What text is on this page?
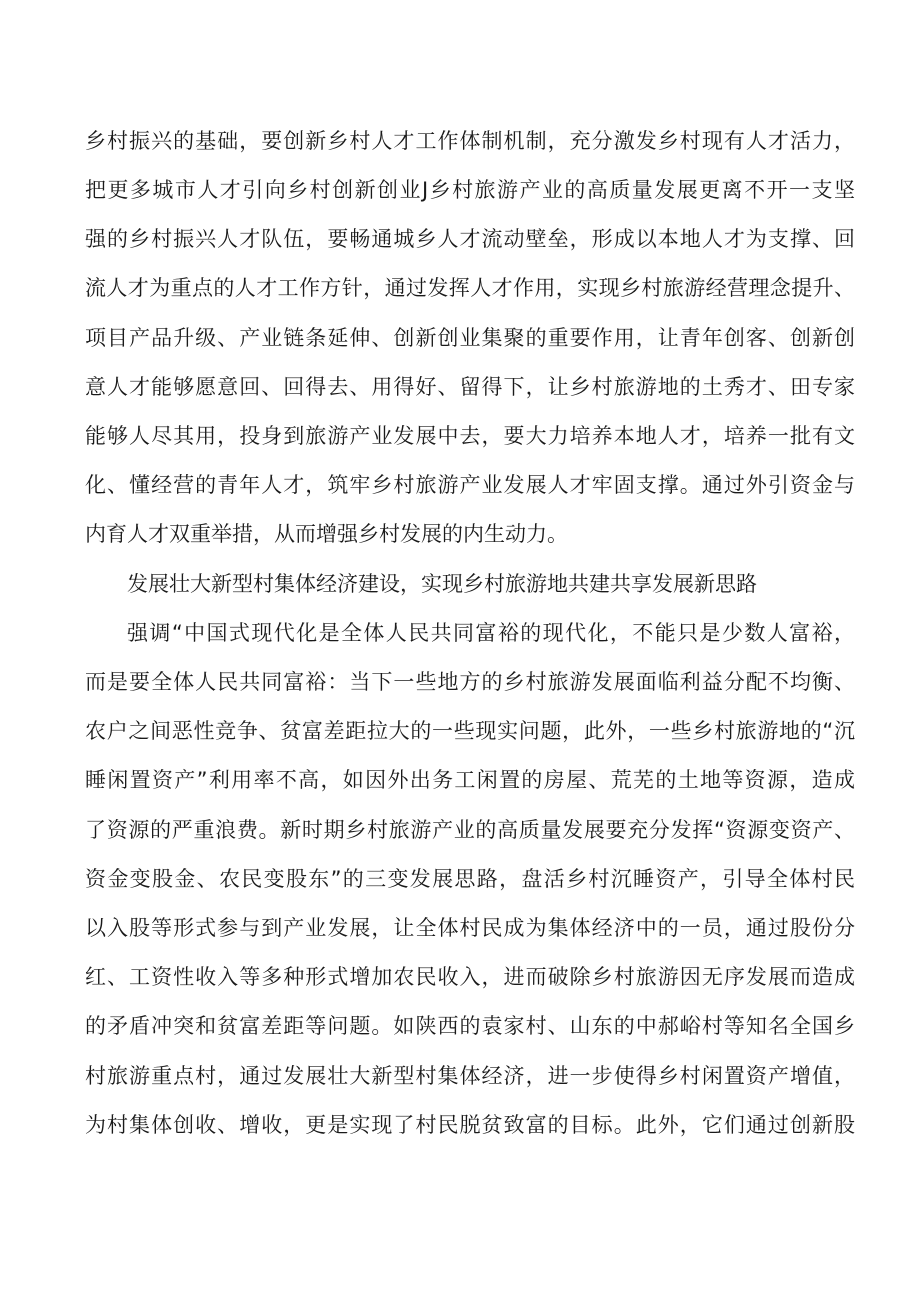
乡村振兴的基础，要创新乡村人才工作体制机制，充分激发乡村现有人才活力，
把更多城市人才引向乡村创新创业J乡村旅游产业的高质量发展更离不开一支坚
强的乡村振兴人才队伍，要畅通城乡人才流动壁垒，形成以本地人才为支撑、回
流人才为重点的人才工作方针，通过发挥人才作用，实现乡村旅游经营理念提升、
项目产品升级、产业链条延伸、创新创业集聚的重要作用，让青年创客、创新创
意人才能够愿意回、回得去、用得好、留得下，让乡村旅游地的土秀才、田专家
能够人尽其用，投身到旅游产业发展中去，要大力培养本地人才，培养一批有文
化、懂经营的青年人才，筑牢乡村旅游产业发展人才牢固支撑。通过外引资金与
内育人才双重举措，从而增强乡村发展的内生动力。
发展壮大新型村集体经济建设，实现乡村旅游地共建共享发展新思路
强调“中国式现代化是全体人民共同富裕的现代化，不能只是少数人富裕，
而是要全体人民共同富裕：当下一些地方的乡村旅游发展面临利益分配不均衡、
农户之间恶性竞争、贫富差距拉大的一些现实问题，此外，一些乡村旅游地的“沉
睡闲置资产”利用率不高，如因外出务工闲置的房屋、荒芜的土地等资源，造成
了资源的严重浪费。新时期乡村旅游产业的高质量发展要充分发挥“资源变资产、
资金变股金、农民变股东”的三变发展思路，盘活乡村沉睡资产，引导全体村民
以入股等形式参与到产业发展，让全体村民成为集体经济中的一员，通过股份分
红、工资性收入等多种形式增加农民收入，进而破除乡村旅游因无序发展而造成
的矛盾冲突和贫富差距等问题。如陕西的袁家村、山东的中郝峪村等知名全国乡
村旅游重点村，通过发展壮大新型村集体经济，进一步使得乡村闲置资产增值，
为村集体创收、增收，更是实现了村民脱贫致富的目标。此外，它们通过创新股
